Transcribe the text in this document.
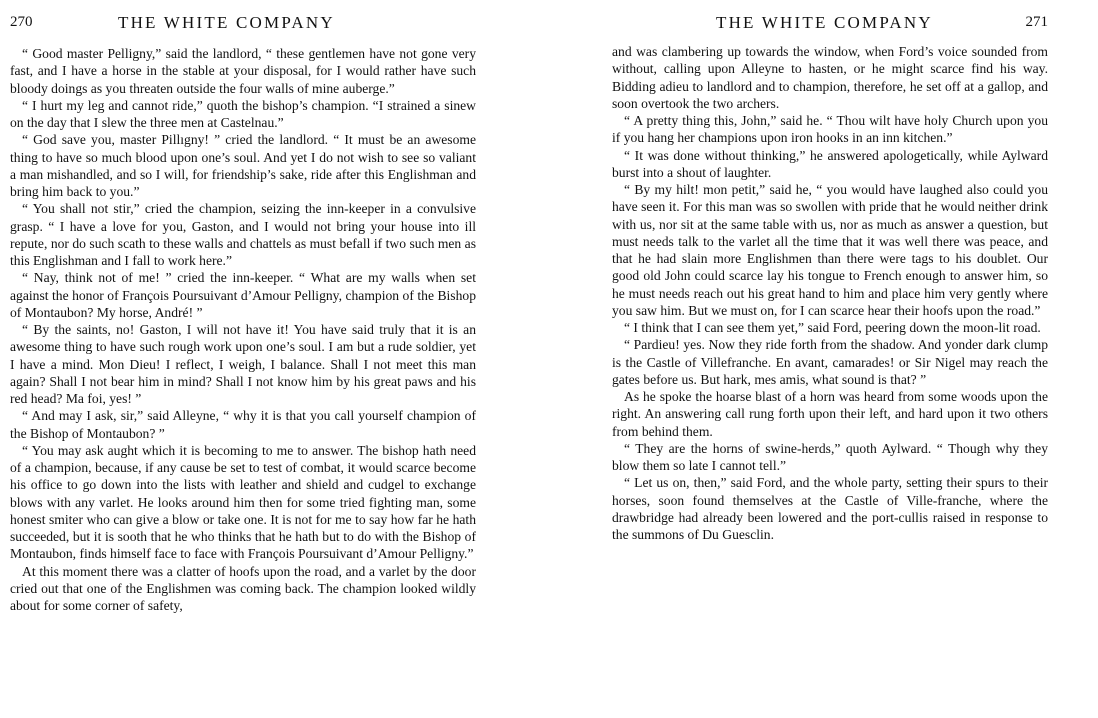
270	THE WHITE COMPANY

“ Good master Pelligny,” said the landlord, “ these gentlemen have not gone very fast, and I have a horse in the stable at your disposal, for I would rather have such bloody doings as you threaten outside the four walls of mine auberge.”

“ I hurt my leg and cannot ride,” quoth the bishop’s champion. “I strained a sinew on the day that I slew the three men at Castelnau.”

“ God save you, master Pillıgny! ” cried the landlord. “ It must be an awesome thing to have so much blood upon one’s soul. And yet I do not wish to see so valiant a man mishandled, and so I will, for friendship’s sake, ride after this Englishman and bring him back to you.”

“ You shall not stir,” cried the champion, seizing the inn-keeper in a convulsive grasp. “ I have a love for you, Gaston, and I would not bring your house into ill repute, nor do such scath to these walls and chattels as must befall if two such men as this Englishman and I fall to work here.”

“ Nay, think not of me! ” cried the inn-keeper. “ What are my walls when set against the honor of François Poursuivant d’Amour Pelligny, champion of the Bishop of Montaubon? My horse, André! ”

“ By the saints, no! Gaston, I will not have it! You have said truly that it is an awesome thing to have such rough work upon one’s soul. I am but a rude soldier, yet I have a mind. Mon Dieu! I reflect, I weigh, I balance. Shall I not meet this man again? Shall I not bear him in mind? Shall I not know him by his great paws and his red head? Ma foi, yes! ”

“ And may I ask, sir,” said Alleyne, “ why it is that you call yourself champion of the Bishop of Montaubon? ”

“ You may ask aught which it is becoming to me to answer. The bishop hath need of a champion, because, if any cause be set to test of combat, it would scarce become his office to go down into the lists with leather and shield and cudgel to exchange blows with any varlet. He looks around him then for some tried fighting man, some honest smiter who can give a blow or take one. It is not for me to say how far he hath succeeded, but it is sooth that he who thinks that he hath but to do with the Bishop of Montaubon, finds himself face to face with François Poursuivant d’Amour Pelligny.”

At this moment there was a clatter of hoofs upon the road, and a varlet by the door cried out that one of the Englishmen was coming back. The champion looked wildly about for some corner of safety,

THE WHITE COMPANY	271

and was clambering up towards the window, when Ford’s voice sounded from without, calling upon Alleyne to hasten, or he might scarce find his way. Bidding adieu to landlord and to champion, therefore, he set off at a gallop, and soon overtook the two archers.

“ A pretty thing this, John,” said he. “ Thou wilt have holy Church upon you if you hang her champions upon iron hooks in an inn kitchen.”

“ It was done without thinking,” he answered apologetically, while Aylward burst into a shout of laughter.

“ By my hilt! mon petit,” said he, “ you would have laughed also could you have seen it. For this man was so swollen with pride that he would neither drink with us, nor sit at the same table with us, nor as much as answer a question, but must needs talk to the varlet all the time that it was well there was peace, and that he had slain more Englishmen than there were tags to his doublet. Our good old John could scarce lay his tongue to French enough to answer him, so he must needs reach out his great hand to him and place him very gently where you saw him. But we must on, for I can scarce hear their hoofs upon the road.”

“ I think that I can see them yet,” said Ford, peering down the moon-lit road.

“ Pardieu! yes. Now they ride forth from the shadow. And yonder dark clump is the Castle of Villefranche. En avant, camarades! or Sir Nigel may reach the gates before us. But hark, mes amis, what sound is that? ”

As he spoke the hoarse blast of a horn was heard from some woods upon the right. An answering call rung forth upon their left, and hard upon it two others from behind them.

“ They are the horns of swine-herds,” quoth Aylward. “ Though why they blow them so late I cannot tell.”

“ Let us on, then,” said Ford, and the whole party, setting their spurs to their horses, soon found themselves at the Castle of Ville-franche, where the drawbridge had already been lowered and the port-cullis raised in response to the summons of Du Guesclin.
